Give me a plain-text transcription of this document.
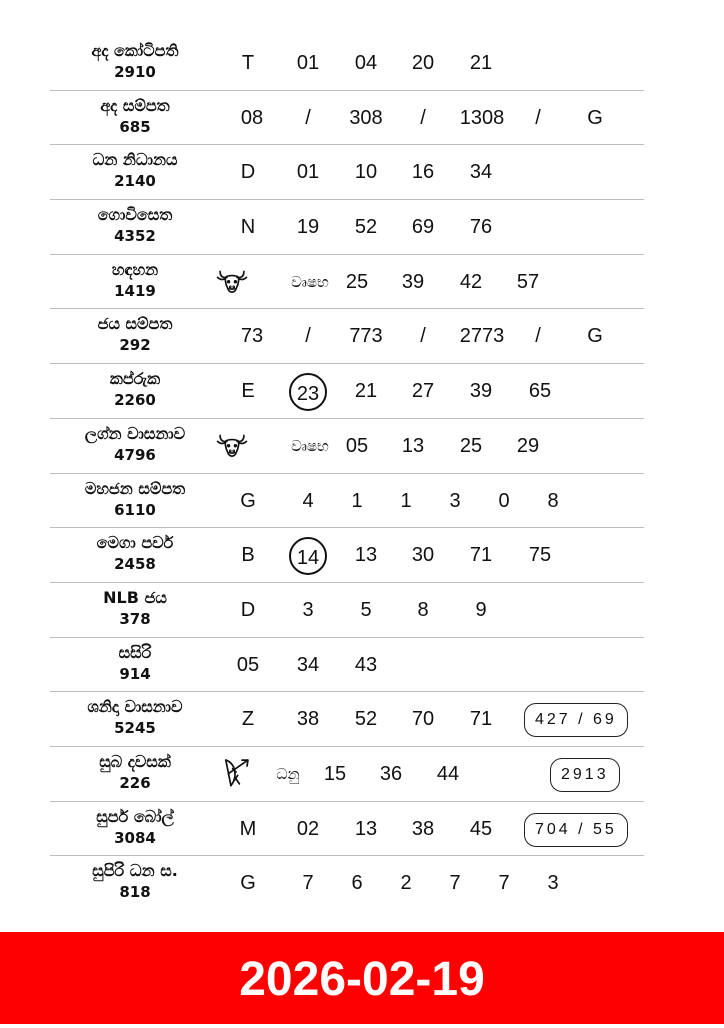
අද කෝටිපති
2910	T 01 04 20 21
අද සම්පත
685	08 / 308 / 1308 / G
ධන නිධානය
2140	D 01 10 16 34
ගොවිසෙත
4352	N 19 52 69 76
හඳහන
1419	වෘෂභ 25 39 42 57
ජය සම්පත
292	73 / 773 / 2773 / G
කප්රුක
2260	E	23	21 27 39 65
ලග්න වාසනාව
4796	වෘෂභ 05 13 25 29
මහජන සම්පත
6110	G 4 1 1 3 0 8
මෙගා පවර්
2458	B	14	13 30 71 75
NLB ජය
378	D 3 5 8 9
සසිරි
914	05 34 43
ශනිදා වාසනාව
5245	Z 38 52 70 71	427 / 69
සුබ දවසක්
226	ධනු 15 36 44	2913
සුපර් බෝල්
3084	M 02 13 38 45	704 / 55
සුපිරි ධන ස.
818	G 7 6 2 7 7 3
2026-02-19
